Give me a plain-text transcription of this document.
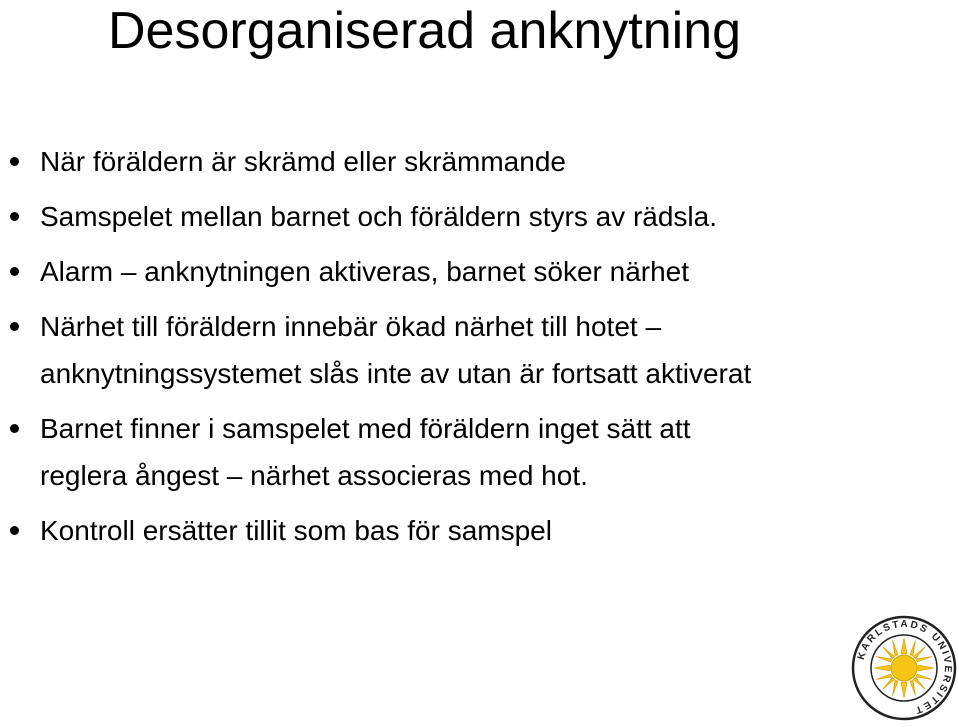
Desorganiserad anknytning
När föräldern är skrämd eller skrämmande
Samspelet mellan barnet och föräldern styrs av rädsla.
Alarm – anknytningen aktiveras, barnet söker närhet
Närhet till föräldern innebär ökad närhet till hotet –
anknytningssystemet slås inte av utan är fortsatt aktiverat
Barnet finner i samspelet med föräldern inget sätt att
reglera ångest – närhet associeras med hot.
Kontroll ersätter tillit som bas för samspel
KARLSTADS UNIVERSITET
